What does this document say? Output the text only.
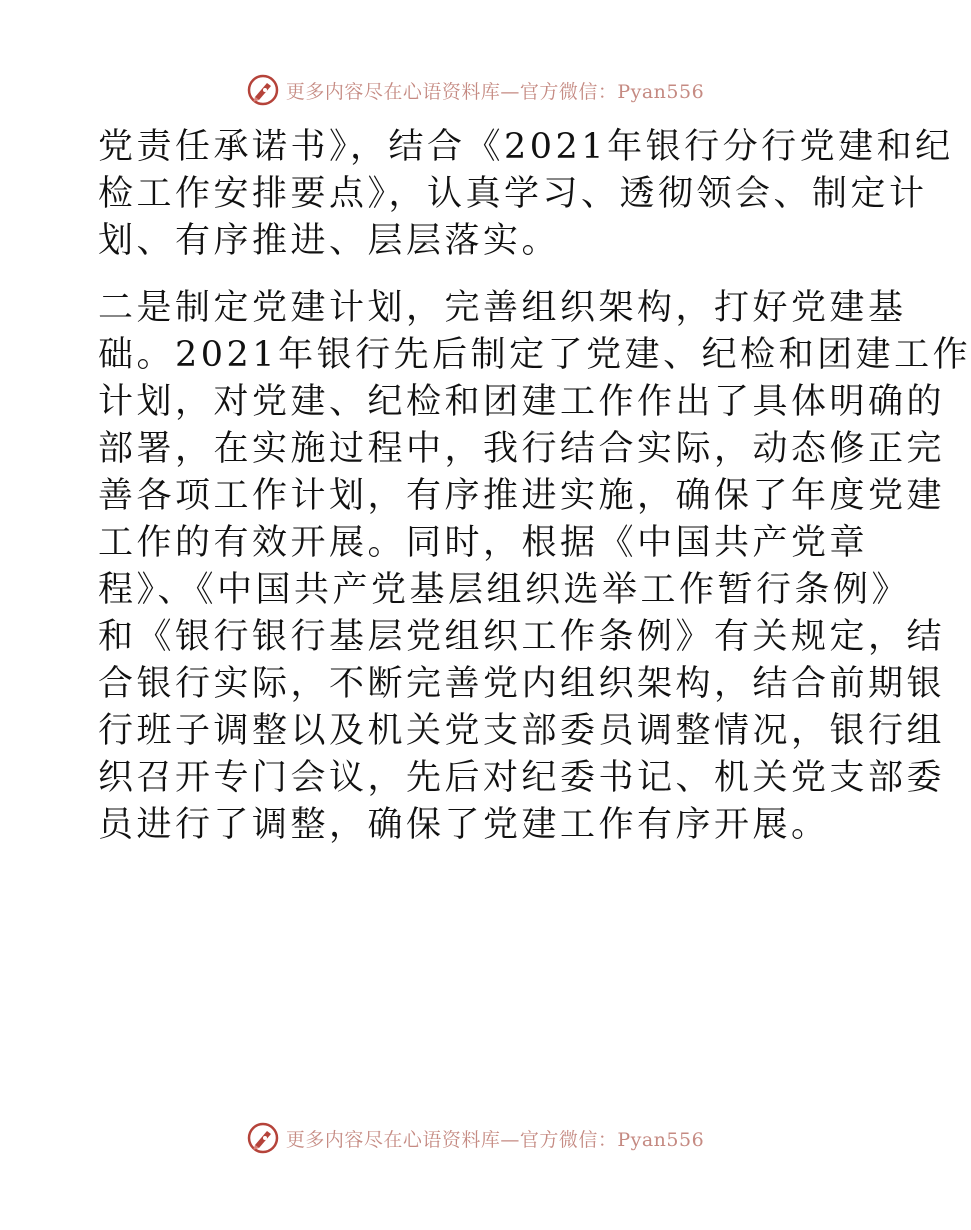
更多内容尽在心语资料库—官方微信：Pyan556
党责任承诺书》，结合《2021年银行分行党建和纪
检工作安排要点》，认真学习、透彻领会、制定计
划、有序推进、层层落实。
二是制定党建计划，完善组织架构，打好党建基
础。2021年银行先后制定了党建、纪检和团建工作
计划，对党建、纪检和团建工作作出了具体明确的
部署，在实施过程中，我行结合实际，动态修正完
善各项工作计划，有序推进实施，确保了年度党建
工作的有效开展。同时，根据《中国共产党章
程》、《中国共产党基层组织选举工作暂行条例》
和《银行银行基层党组织工作条例》有关规定，结
合银行实际，不断完善党内组织架构，结合前期银
行班子调整以及机关党支部委员调整情况，银行组
织召开专门会议，先后对纪委书记、机关党支部委
员进行了调整，确保了党建工作有序开展。
更多内容尽在心语资料库—官方微信：Pyan556
